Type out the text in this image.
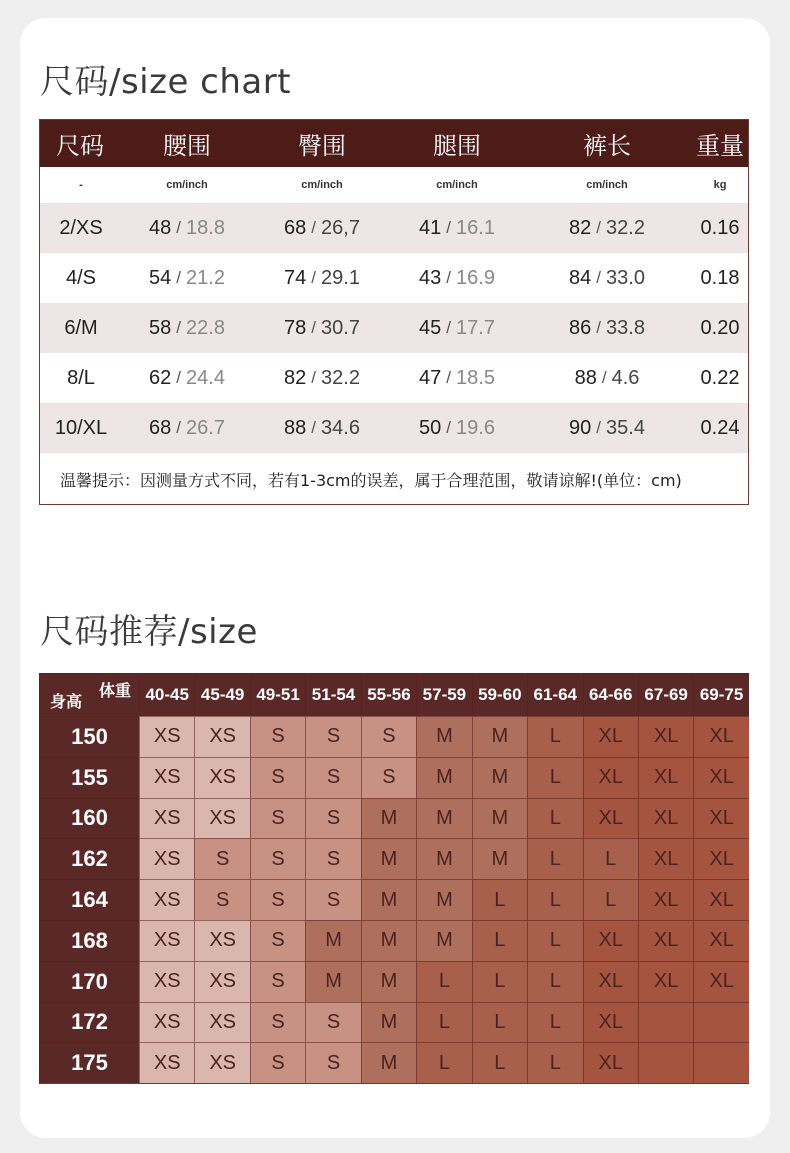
尺码/size chart
尺码	腰围	臀围	腿围	裤长	重量
-	cm/inch	cm/inch	cm/inch	cm/inch	kg
2/XS	48 / 18.8	68 / 26,7	41 / 16.1	82 / 32.2	0.16
4/S	54 / 21.2	74 / 29.1	43 / 16.9	84 / 33.0	0.18
6/M	58 / 22.8	78 / 30.7	45 / 17.7	86 / 33.8	0.20
8/L	62 / 24.4	82 / 32.2	47 / 18.5	88 / 4.6	0.22
10/XL	68 / 26.7	88 / 34.6	50 / 19.6	90 / 35.4	0.24
温馨提示：因测量方式不同，若有1-3cm的误差，属于合理范围，敬请谅解!(单位：cm)
尺码推荐/size
体重
身高	40-45 45-49 49-51 51-54 55-56 57-59 59-60 61-64 64-66 67-69 69-75
150	XS	XS	S	S	S	M	M	L	XL	XL	XL
155	XS	XS	S	S	S	M	M	L	XL	XL	XL
160	XS	XS	S	S	M	M	M	L	XL	XL	XL
162	XS	S	S	S	M	M	M	L	L	XL	XL
164	XS	S	S	S	M	M	L	L	L	XL	XL
168	XS	XS	S	M	M	M	L	L	XL	XL	XL
170	XS	XS	S	M	M	L	L	L	XL	XL	XL
172	XS	XS	S	S	M	L	L	L	XL
175	XS	XS	S	S	M	L	L	L	XL
